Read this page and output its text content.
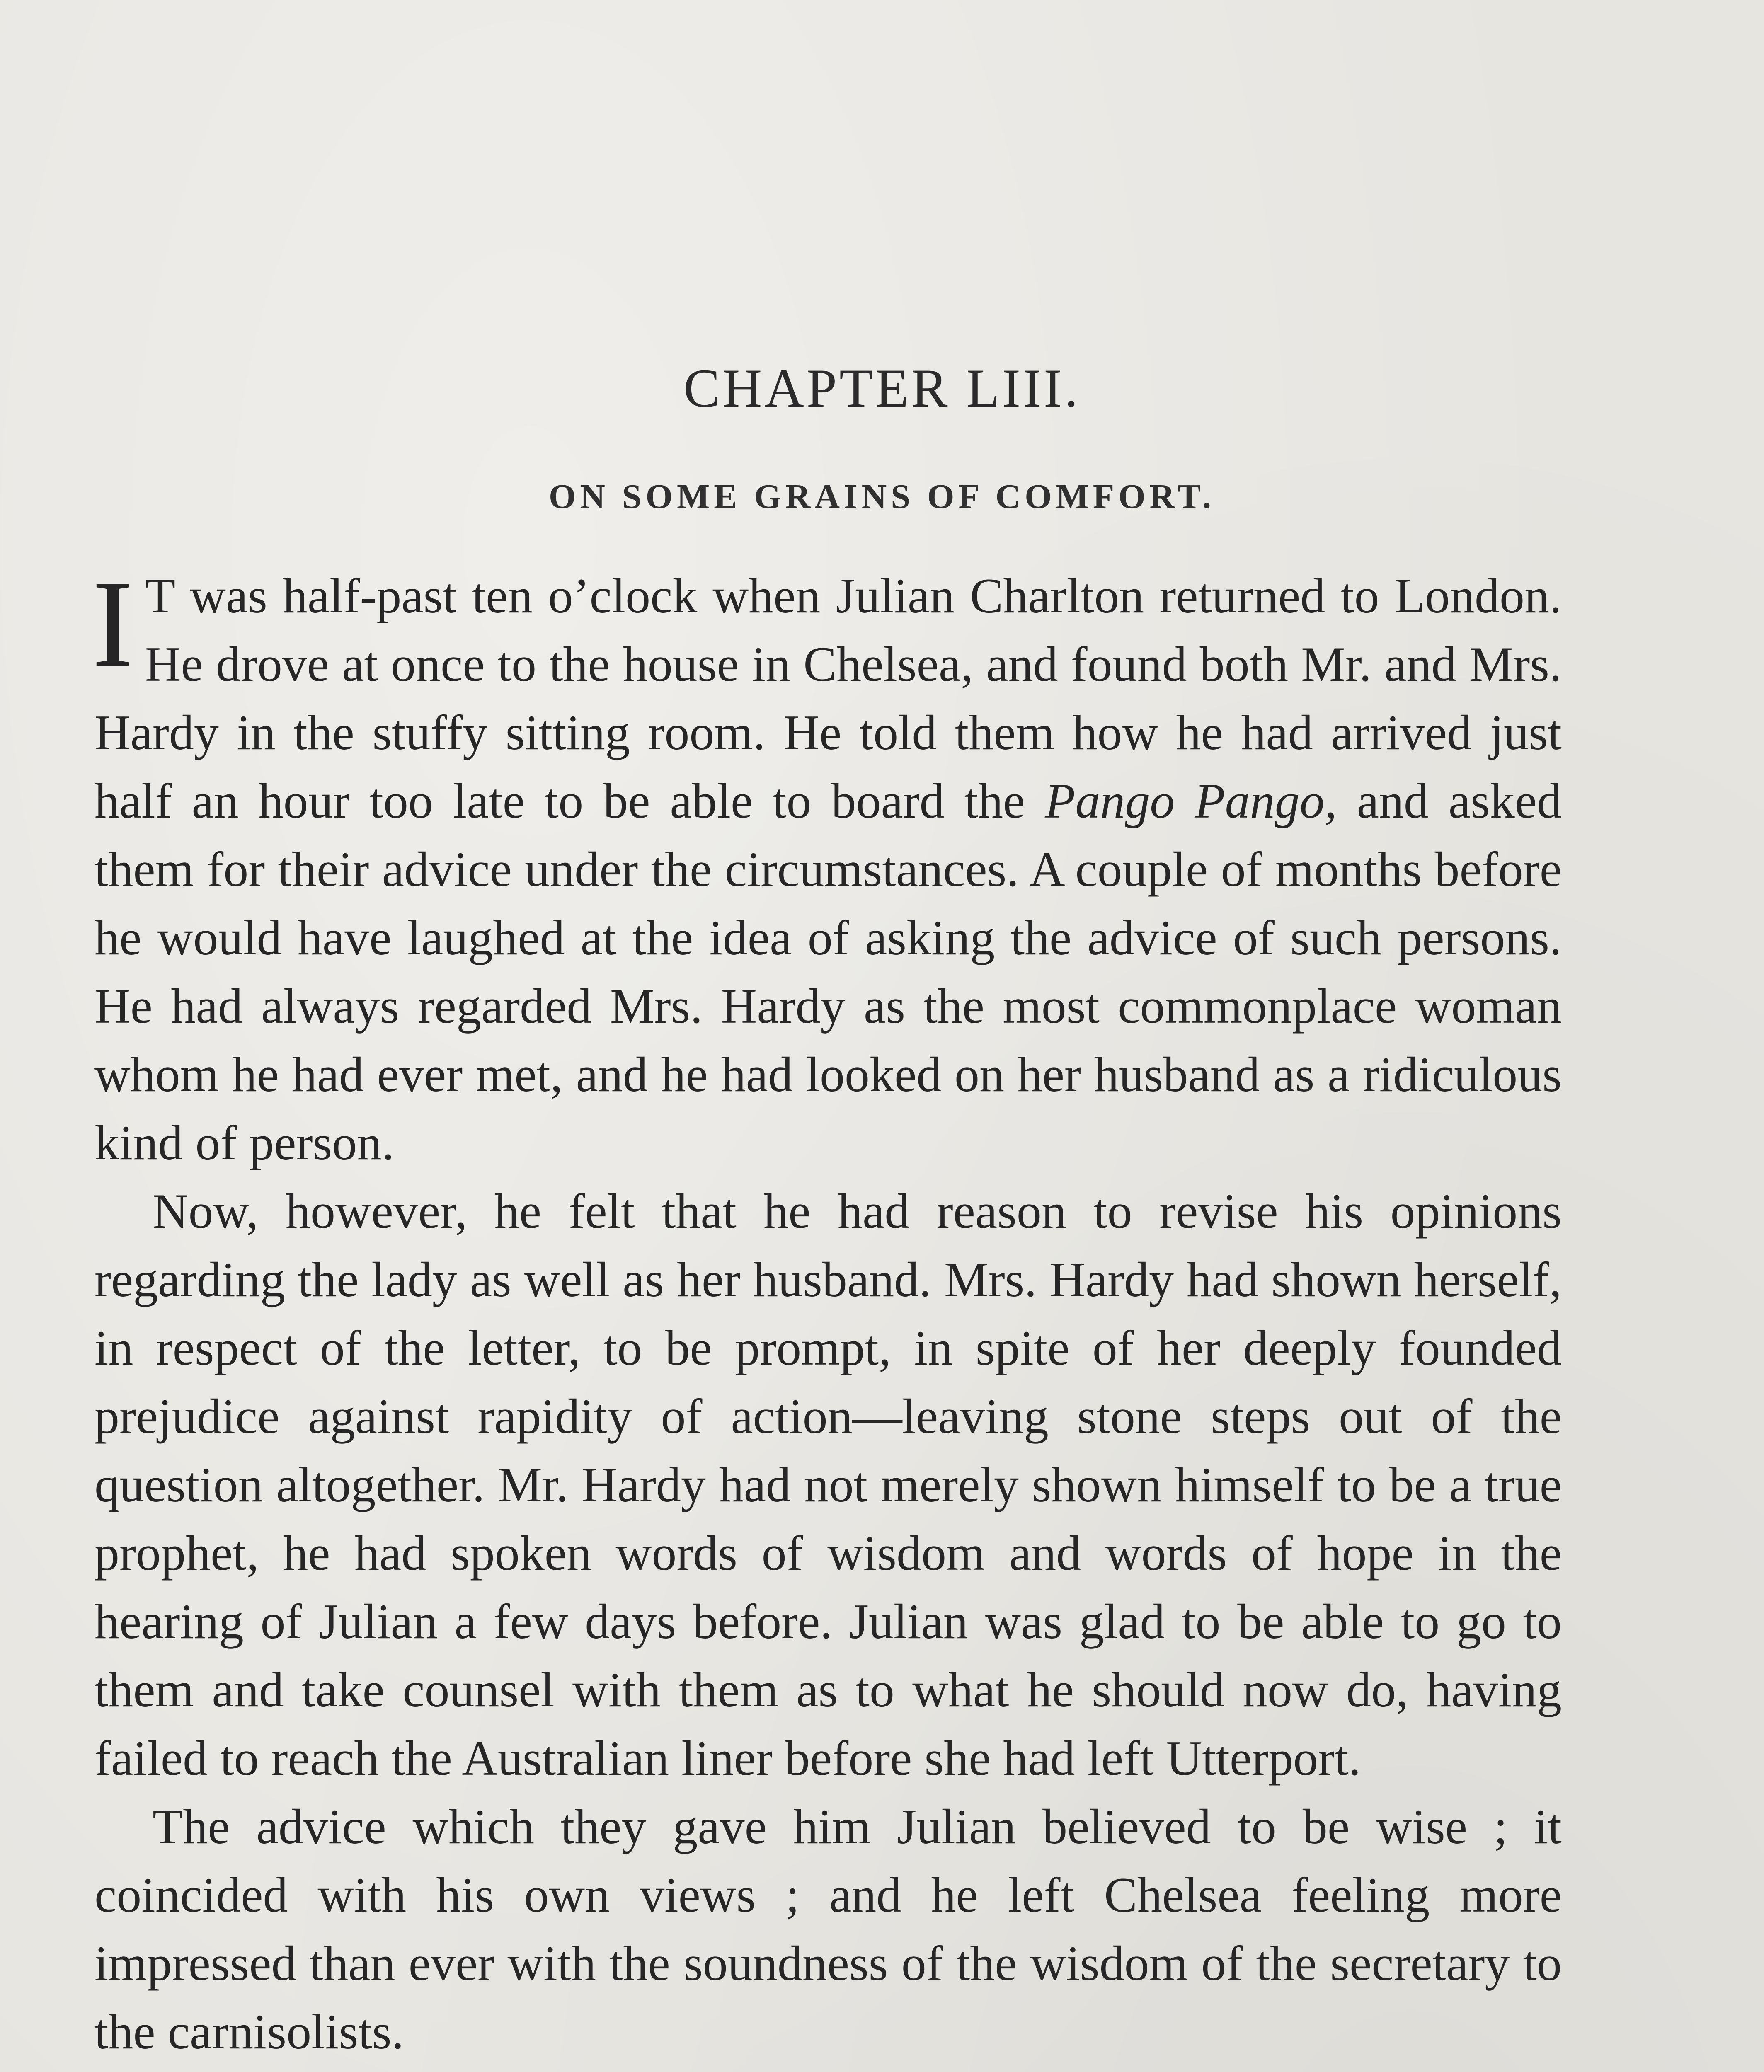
CHAPTER LIII.
ON SOME GRAINS OF COMFORT.

I T was half-past ten o’clock when Julian Charlton returned to London. He drove at once to the house in Chelsea, and found both Mr. and Mrs. Hardy in the stuffy sitting room. He told them how he had arrived just half an hour too late to be able to board the Pango Pango, and asked them for their advice under the circumstances. A couple of months before he would have laughed at the idea of asking the advice of such persons. He had always regarded Mrs. Hardy as the most commonplace woman whom he had ever met, and he had looked on her husband as a ridiculous kind of person.

Now, however, he felt that he had reason to revise his opinions regarding the lady as well as her husband. Mrs. Hardy had shown herself, in respect of the letter, to be prompt, in spite of her deeply founded prejudice against rapidity of action—leaving stone steps out of the question altogether. Mr. Hardy had not merely shown himself to be a true prophet, he had spoken words of wisdom and words of hope in the hearing of Julian a few days before. Julian was glad to be able to go to them and take counsel with them as to what he should now do, having failed to reach the Australian liner before she had left Utterport.

The advice which they gave him Julian believed to be wise ; it coincided with his own views ; and he left Chelsea feeling more impressed than ever with the soundness of the wisdom of the secretary to the carnisolists.
